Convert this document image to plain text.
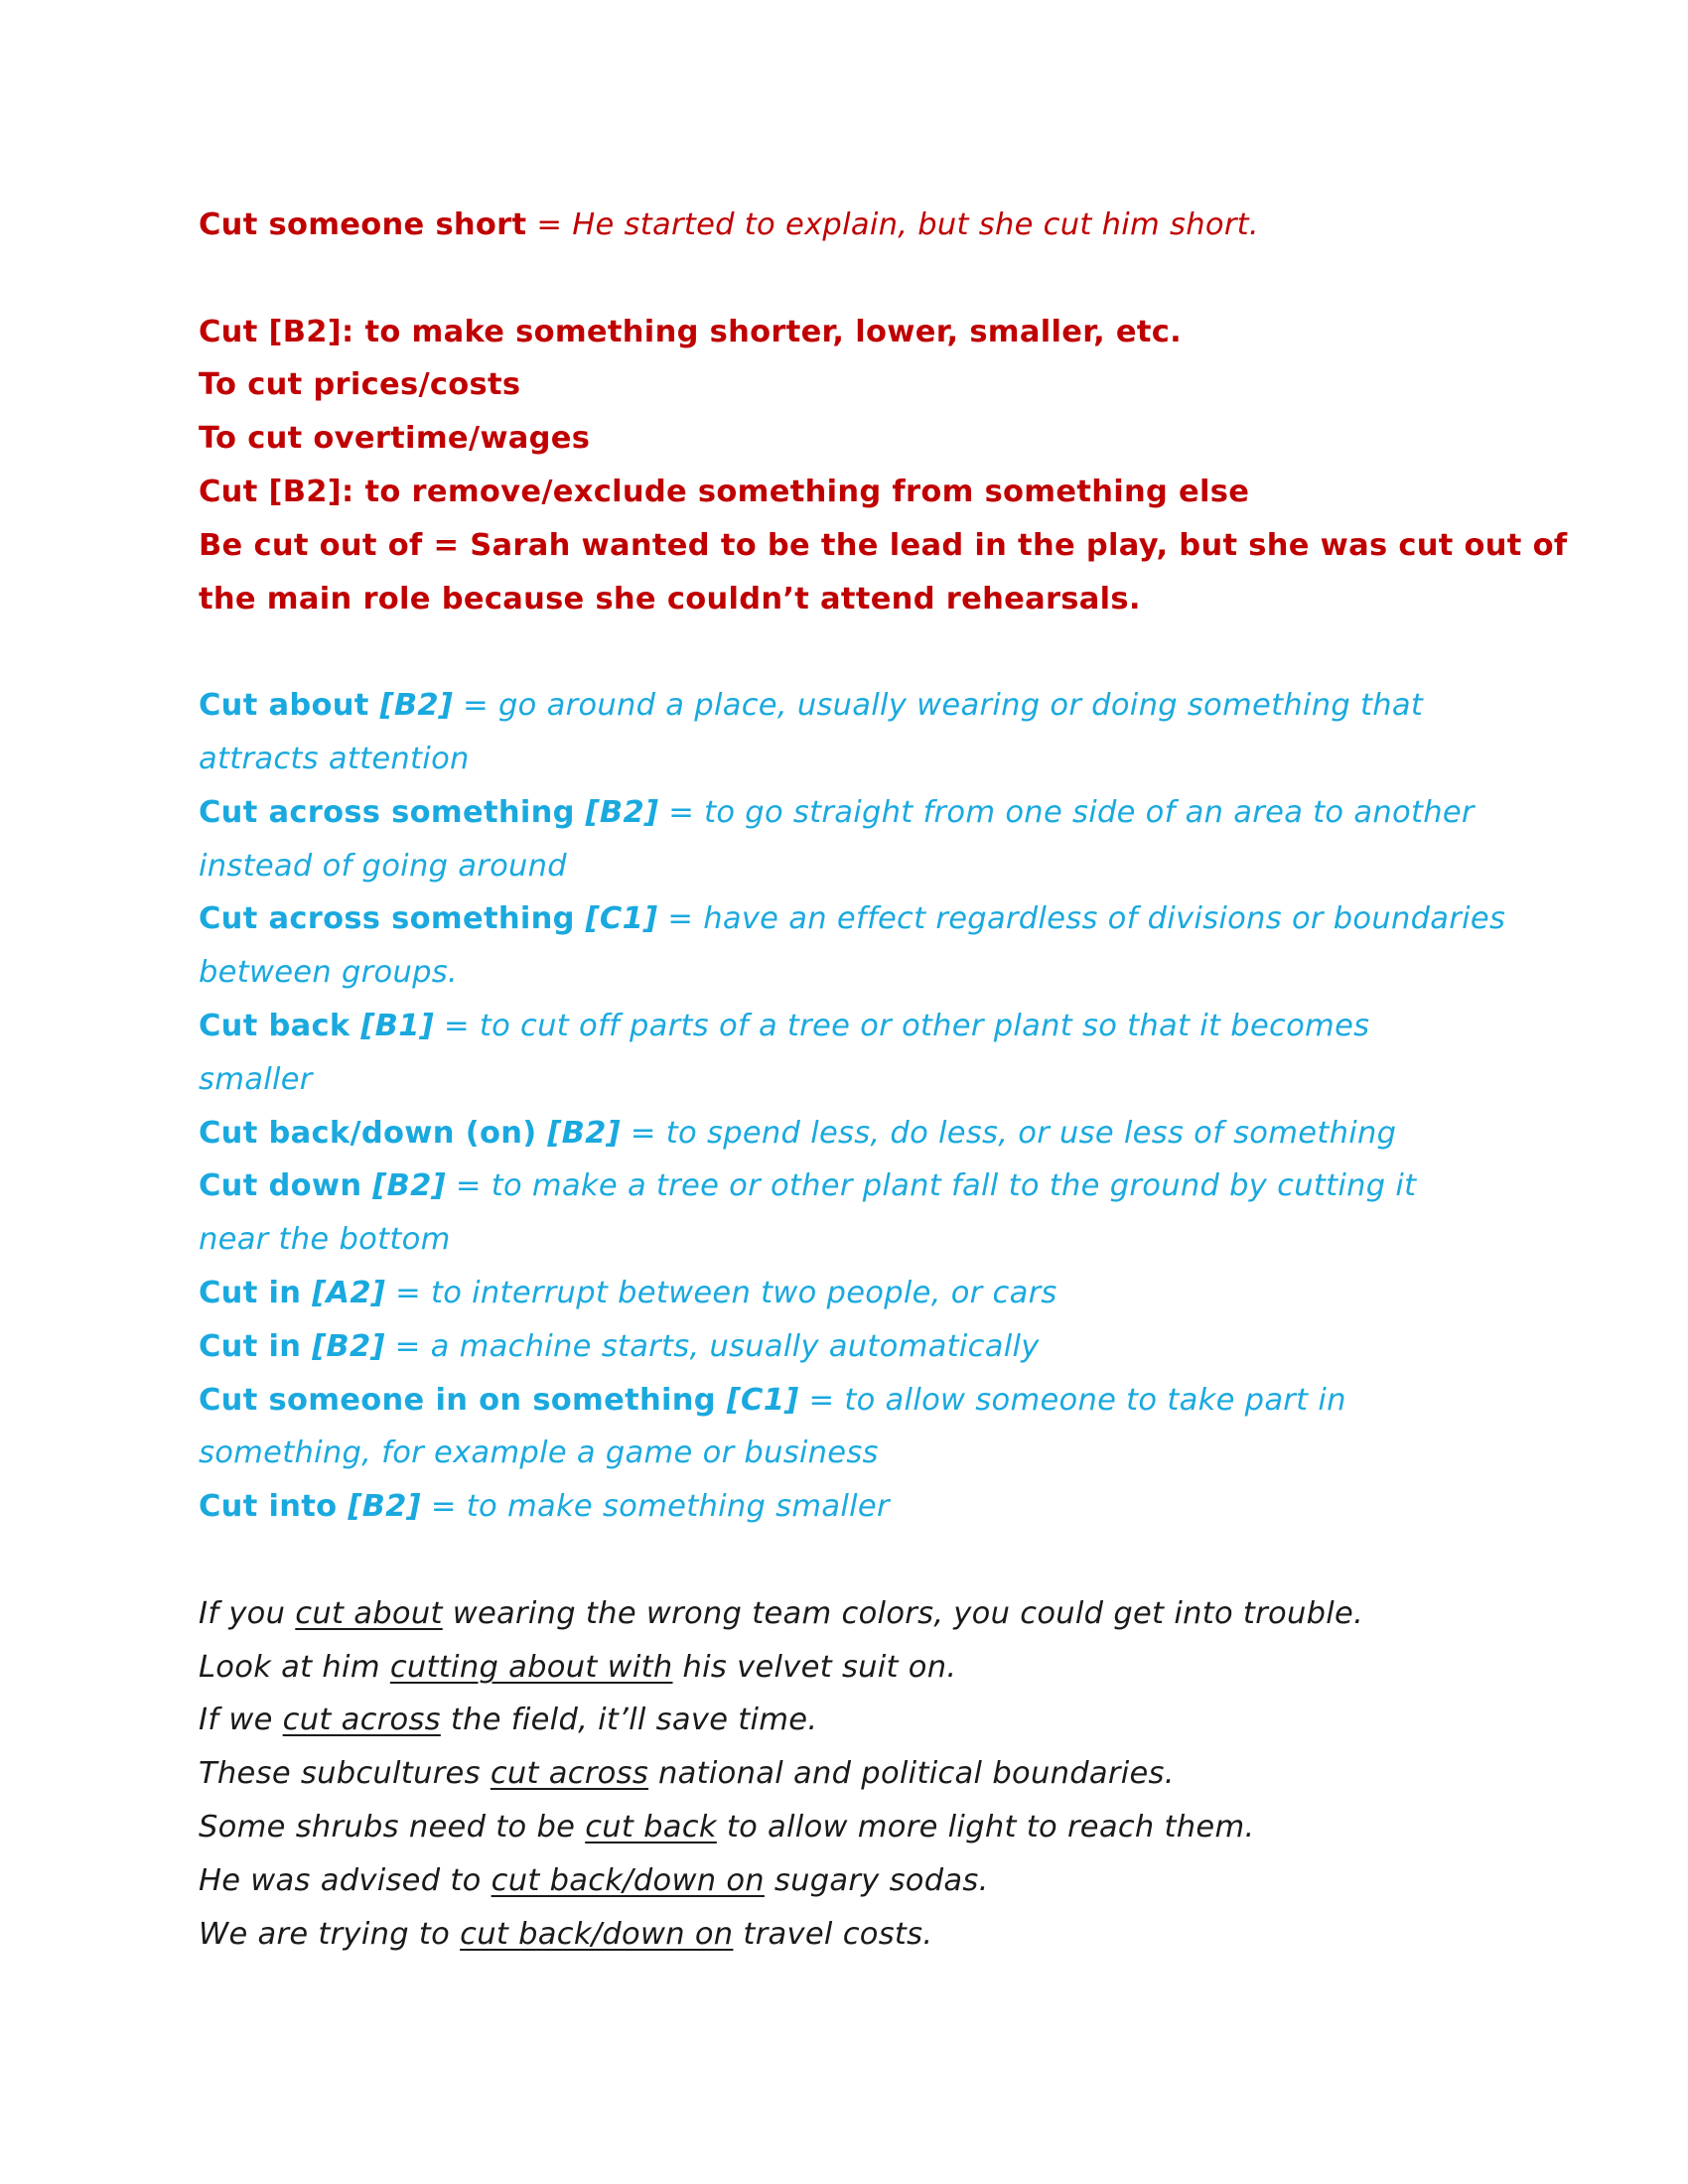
Cut someone short = He started to explain, but she cut him short.
Cut [B2]: to make something shorter, lower, smaller, etc.
To cut prices/costs
To cut overtime/wages
Cut [B2]: to remove/exclude something from something else
Be cut out of = Sarah wanted to be the lead in the play, but she was cut out of
the main role because she couldn’t attend rehearsals.
Cut about [B2] = go around a place, usually wearing or doing something that
attracts attention
Cut across something [B2] = to go straight from one side of an area to another
instead of going around
Cut across something [C1] = have an effect regardless of divisions or boundaries
between groups.
Cut back [B1] = to cut off parts of a tree or other plant so that it becomes
smaller
Cut back/down (on) [B2] = to spend less, do less, or use less of something
Cut down [B2] = to make a tree or other plant fall to the ground by cutting it
near the bottom
Cut in [A2] = to interrupt between two people, or cars
Cut in [B2] = a machine starts, usually automatically
Cut someone in on something [C1] = to allow someone to take part in
something, for example a game or business
Cut into [B2] = to make something smaller
If you cut about wearing the wrong team colors, you could get into trouble.
Look at him cutting about with his velvet suit on.
If we cut across the field, it’ll save time.
These subcultures cut across national and political boundaries.
Some shrubs need to be cut back to allow more light to reach them.
He was advised to cut back/down on sugary sodas.
We are trying to cut back/down on travel costs.
